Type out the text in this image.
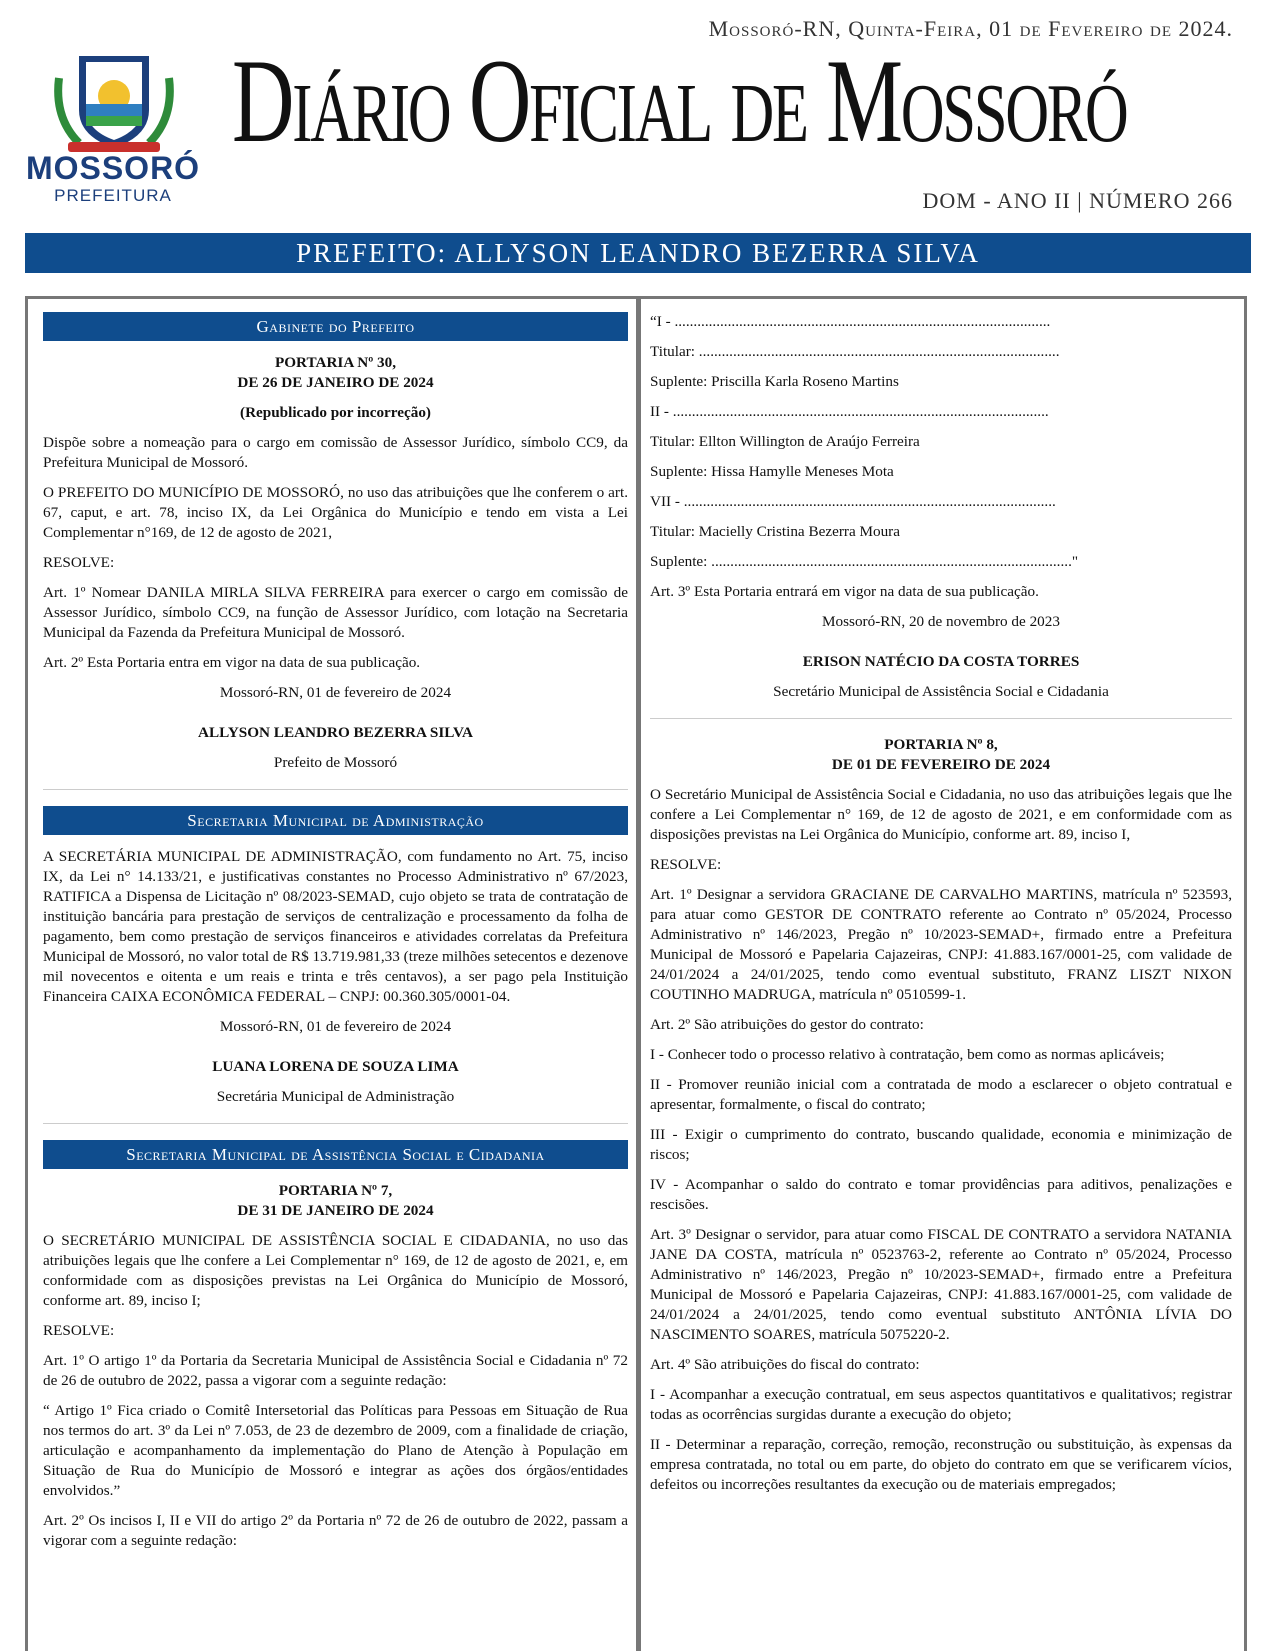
MOSSORÓ
PREFEITURA
Mossoró-RN, Quinta-Feira, 01 de Fevereiro de 2024.
Diário Oficial de Mossoró
DOM - ANO II | NÚMERO 266
PREFEITO: ALLYSON LEANDRO BEZERRA SILVA
Gabinete do Prefeito
PORTARIA Nº 30,
DE 26 DE JANEIRO DE 2024

(Republicado por incorreção)

Dispõe sobre a nomeação para o cargo em comissão de Assessor Jurídico, símbolo CC9, da Prefeitura Municipal de Mossoró.

O PREFEITO DO MUNICÍPIO DE MOSSORÓ, no uso das atribuições que lhe conferem o art. 67, caput, e art. 78, inciso IX, da Lei Orgânica do Município e tendo em vista a Lei Complementar n°169, de 12 de agosto de 2021,

RESOLVE:

Art. 1º Nomear DANILA MIRLA SILVA FERREIRA para exercer o cargo em comissão de Assessor Jurídico, símbolo CC9, na função de Assessor Jurídico, com lotação na Secretaria Municipal da Fazenda da Prefeitura Municipal de Mossoró.

Art. 2º Esta Portaria entra em vigor na data de sua publicação.

Mossoró-RN, 01 de fevereiro de 2024

ALLYSON LEANDRO BEZERRA SILVA

Prefeito de Mossoró

Secretaria Municipal de Administração

A SECRETÁRIA MUNICIPAL DE ADMINISTRAÇÃO, com fundamento no Art. 75, inciso IX, da Lei n° 14.133/21, e justificativas constantes no Processo Administrativo nº 67/2023, RATIFICA a Dispensa de Licitação nº 08/2023-SEMAD, cujo objeto se trata de contratação de instituição bancária para prestação de serviços de centralização e processamento da folha de pagamento, bem como prestação de serviços financeiros e atividades correlatas da Prefeitura Municipal de Mossoró, no valor total de R$ 13.719.981,33 (treze milhões setecentos e dezenove mil novecentos e oitenta e um reais e trinta e três centavos), a ser pago pela Instituição Financeira CAIXA ECONÔMICA FEDERAL – CNPJ: 00.360.305/0001-04.

Mossoró-RN, 01 de fevereiro de 2024

LUANA LORENA DE SOUZA LIMA

Secretária Municipal de Administração

Secretaria Municipal de Assistência Social e Cidadania
PORTARIA Nº 7,
DE 31 DE JANEIRO DE 2024

O SECRETÁRIO MUNICIPAL DE ASSISTÊNCIA SOCIAL E CIDADANIA, no uso das atribuições legais que lhe confere a Lei Complementar n° 169, de 12 de agosto de 2021, e, em conformidade com as disposições previstas na Lei Orgânica do Município de Mossoró, conforme art. 89, inciso I;

RESOLVE:

Art. 1º O artigo 1º da Portaria da Secretaria Municipal de Assistência Social e Cidadania nº 72 de 26 de outubro de 2022, passa a vigorar com a seguinte redação:

“ Artigo 1º Fica criado o Comitê Intersetorial das Políticas para Pessoas em Situação de Rua nos termos do art. 3º da Lei nº 7.053, de 23 de dezembro de 2009, com a finalidade de criação, articulação e acompanhamento da implementação do Plano de Atenção à População em Situação de Rua do Município de Mossoró e integrar as ações dos órgãos/entidades envolvidos.”

Art. 2º Os incisos I, II e VII do artigo 2º da Portaria nº 72 de 26 de outubro de 2022, passam a vigorar com a seguinte redação:

“I - ...................................................................................................

Titular: ...............................................................................................

Suplente: Priscilla Karla Roseno Martins

II - ...................................................................................................

Titular: Ellton Willington de Araújo Ferreira

Suplente: Hissa Hamylle Meneses Mota

VII - ..................................................................................................

Titular: Macielly Cristina Bezerra Moura

Suplente: ..............................................................................................."

Art. 3º Esta Portaria entrará em vigor na data de sua publicação.

Mossoró-RN, 20 de novembro de 2023

ERISON NATÉCIO DA COSTA TORRES

Secretário Municipal de Assistência Social e Cidadania

PORTARIA Nº 8,
DE 01 DE FEVEREIRO DE 2024

O Secretário Municipal de Assistência Social e Cidadania, no uso das atribuições legais que lhe confere a Lei Complementar n° 169, de 12 de agosto de 2021, e em conformidade com as disposições previstas na Lei Orgânica do Município, conforme art. 89, inciso I,

RESOLVE:

Art. 1º Designar a servidora GRACIANE DE CARVALHO MARTINS, matrícula nº 523593, para atuar como GESTOR DE CONTRATO referente ao Contrato nº 05/2024, Processo Administrativo nº 146/2023, Pregão nº 10/2023-SEMAD+, firmado entre a Prefeitura Municipal de Mossoró e Papelaria Cajazeiras, CNPJ: 41.883.167/0001-25, com validade de 24/01/2024 a 24/01/2025, tendo como eventual substituto, FRANZ LISZT NIXON COUTINHO MADRUGA, matrícula nº 0510599-1.

Art. 2º São atribuições do gestor do contrato:

I - Conhecer todo o processo relativo à contratação, bem como as normas aplicáveis;

II - Promover reunião inicial com a contratada de modo a esclarecer o objeto contratual e apresentar, formalmente, o fiscal do contrato;

III - Exigir o cumprimento do contrato, buscando qualidade, economia e minimização de riscos;

IV - Acompanhar o saldo do contrato e tomar providências para aditivos, penalizações e rescisões.

Art. 3º Designar o servidor, para atuar como FISCAL DE CONTRATO a servidora NATANIA JANE DA COSTA, matrícula nº 0523763-2, referente ao Contrato nº 05/2024, Processo Administrativo nº 146/2023, Pregão nº 10/2023-SEMAD+, firmado entre a Prefeitura Municipal de Mossoró e Papelaria Cajazeiras, CNPJ: 41.883.167/0001-25, com validade de 24/01/2024 a 24/01/2025, tendo como eventual substituto ANTÔNIA LÍVIA DO NASCIMENTO SOARES, matrícula 5075220-2.

Art. 4º São atribuições do fiscal do contrato:

I - Acompanhar a execução contratual, em seus aspectos quantitativos e qualitativos; registrar todas as ocorrências surgidas durante a execução do objeto;

II - Determinar a reparação, correção, remoção, reconstrução ou substituição, às expensas da empresa contratada, no total ou em parte, do objeto do contrato em que se verificarem vícios, defeitos ou incorreções resultantes da execução ou de materiais empregados;
